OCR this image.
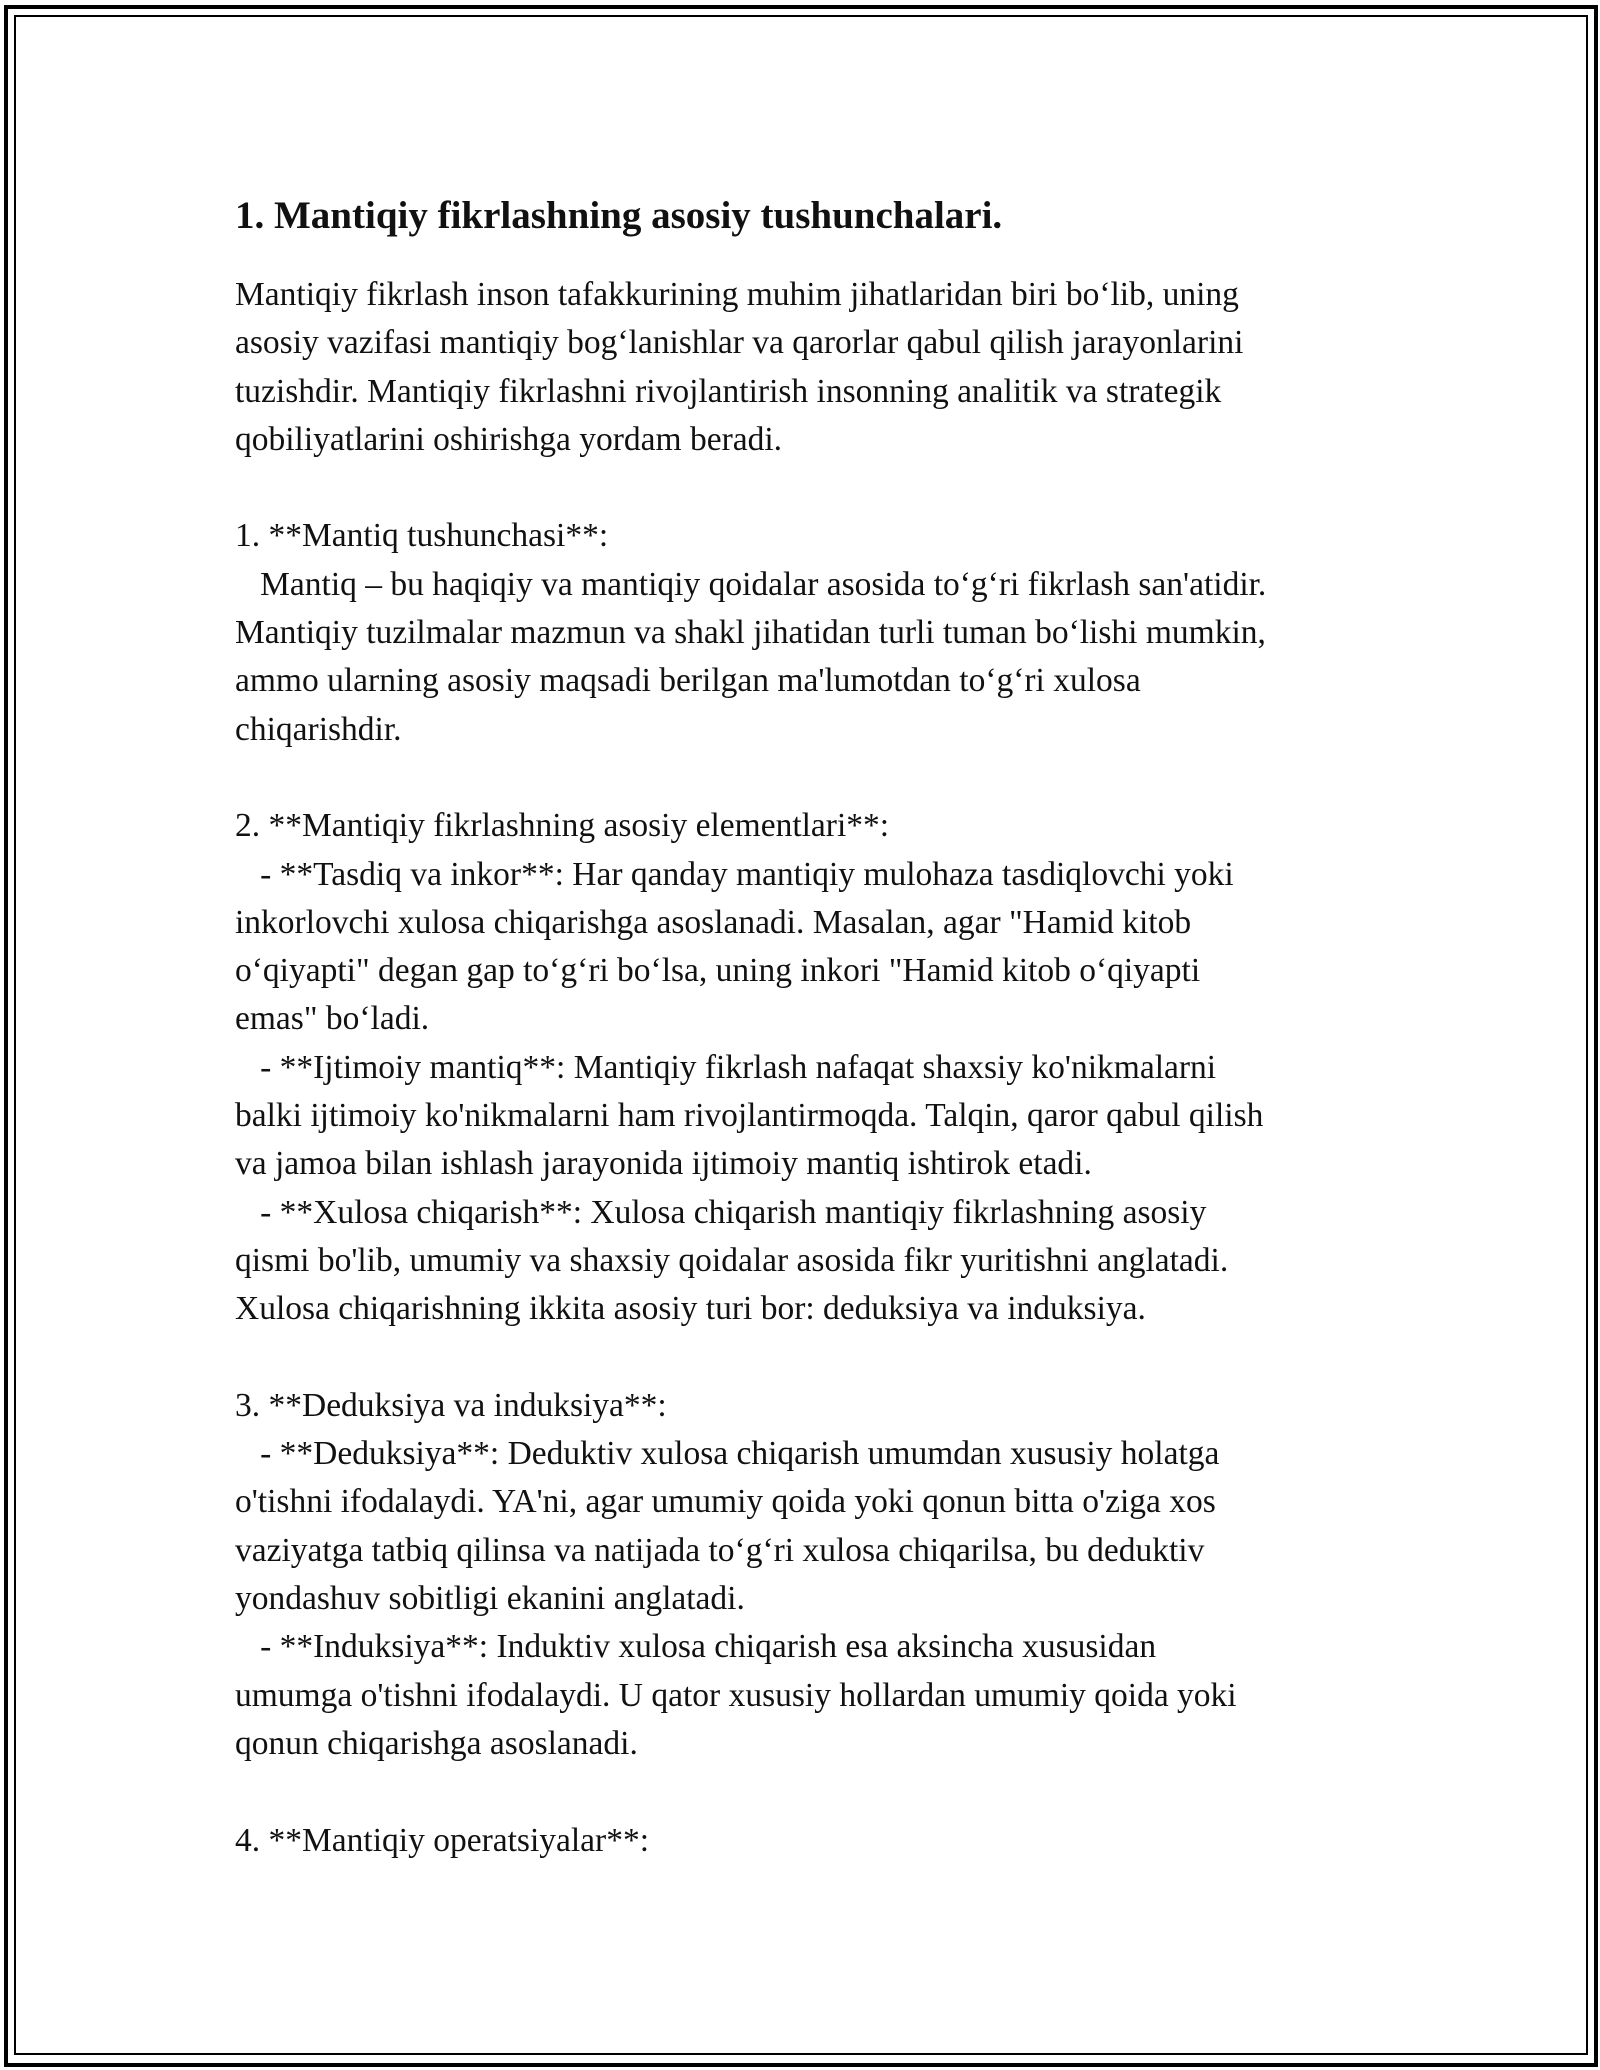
1. Mantiqiy fikrlashning asosiy tushunchalari.
Mantiqiy fikrlash inson tafakkurining muhim jihatlaridan biri bo‘lib, uning
asosiy vazifasi mantiqiy bog‘lanishlar va qarorlar qabul qilish jarayonlarini
tuzishdir. Mantiqiy fikrlashni rivojlantirish insonning analitik va strategik
qobiliyatlarini oshirishga yordam beradi.
1. **Mantiq tushunchasi**:
Mantiq – bu haqiqiy va mantiqiy qoidalar asosida to‘g‘ri fikrlash san'atidir.
Mantiqiy tuzilmalar mazmun va shakl jihatidan turli tuman bo‘lishi mumkin,
ammo ularning asosiy maqsadi berilgan ma'lumotdan to‘g‘ri xulosa
chiqarishdir.
2. **Mantiqiy fikrlashning asosiy elementlari**:
- **Tasdiq va inkor**: Har qanday mantiqiy mulohaza tasdiqlovchi yoki
inkorlovchi xulosa chiqarishga asoslanadi. Masalan, agar "Hamid kitob
o‘qiyapti" degan gap to‘g‘ri bo‘lsa, uning inkori "Hamid kitob o‘qiyapti
emas" bo‘ladi.
- **Ijtimoiy mantiq**: Mantiqiy fikrlash nafaqat shaxsiy ko'nikmalarni
balki ijtimoiy ko'nikmalarni ham rivojlantirmoqda. Talqin, qaror qabul qilish
va jamoa bilan ishlash jarayonida ijtimoiy mantiq ishtirok etadi.
- **Xulosa chiqarish**: Xulosa chiqarish mantiqiy fikrlashning asosiy
qismi bo'lib, umumiy va shaxsiy qoidalar asosida fikr yuritishni anglatadi.
Xulosa chiqarishning ikkita asosiy turi bor: deduksiya va induksiya.
3. **Deduksiya va induksiya**:
- **Deduksiya**: Deduktiv xulosa chiqarish umumdan xususiy holatga
o'tishni ifodalaydi. YA'ni, agar umumiy qoida yoki qonun bitta o'ziga xos
vaziyatga tatbiq qilinsa va natijada to‘g‘ri xulosa chiqarilsa, bu deduktiv
yondashuv sobitligi ekanini anglatadi.
- **Induksiya**: Induktiv xulosa chiqarish esa aksincha xususidan
umumga o'tishni ifodalaydi. U qator xususiy hollardan umumiy qoida yoki
qonun chiqarishga asoslanadi.
4. **Mantiqiy operatsiyalar**:
